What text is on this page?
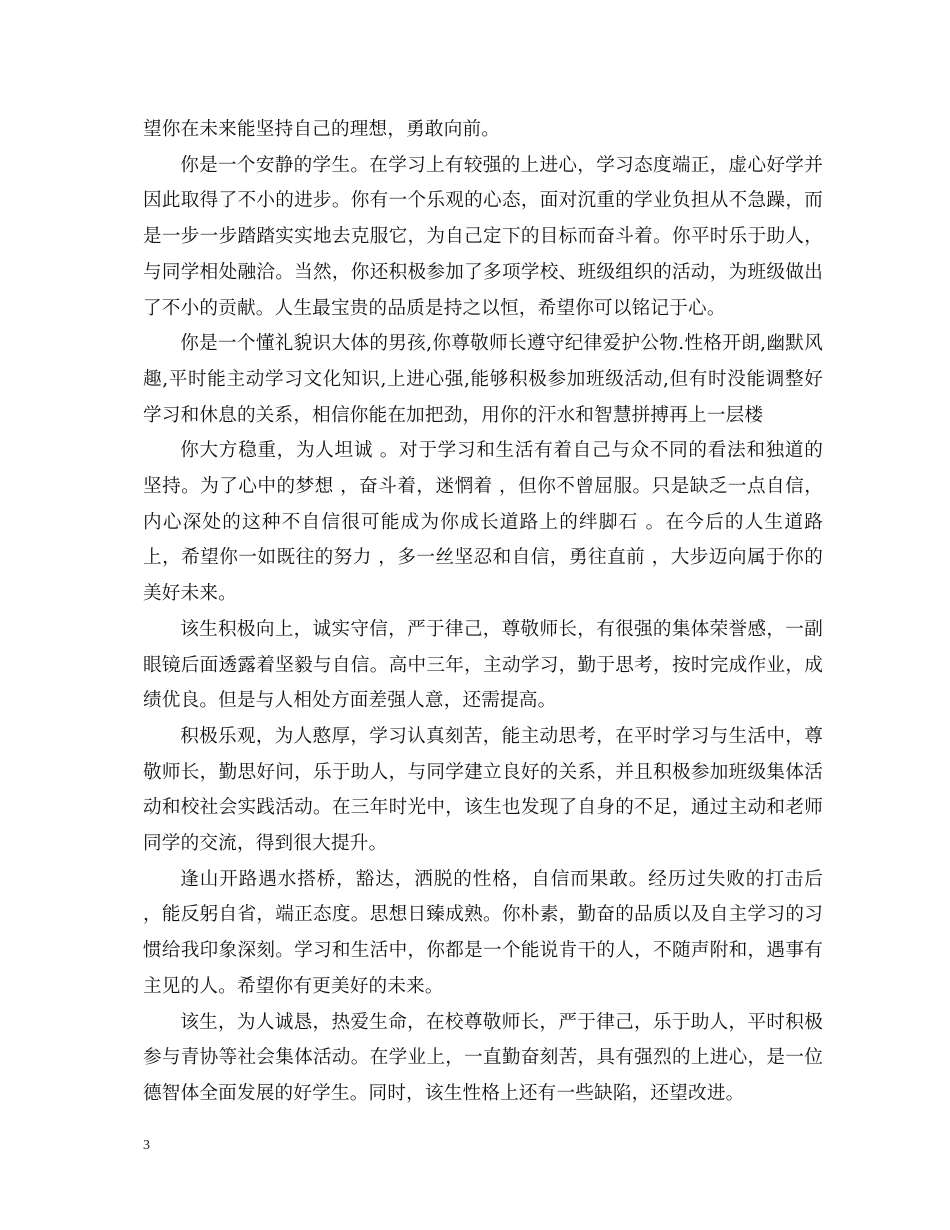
望你在未来能坚持自己的理想，勇敢向前。

你是一个安静的学生。在学习上有较强的上进心，学习态度端正，虚心好学并因此取得了不小的进步。你有一个乐观的心态，面对沉重的学业负担从不急躁，而是一步一步踏踏实实地去克服它，为自己定下的目标而奋斗着。你平时乐于助人，与同学相处融洽。当然，你还积极参加了多项学校、班级组织的活动，为班级做出了不小的贡献。人生最宝贵的品质是持之以恒，希望你可以铭记于心。

你是一个懂礼貌识大体的男孩,你尊敬师长遵守纪律爱护公物.性格开朗,幽默风趣,平时能主动学习文化知识,上进心强,能够积极参加班级活动,但有时没能调整好学习和休息的关系，相信你能在加把劲，用你的汗水和智慧拼搏再上一层楼

你大方稳重，为人坦诚 。对于学习和生活有着自己与众不同的看法和独道的坚持。为了心中的梦想 ，奋斗着，迷惘着 ，但你不曾屈服。只是缺乏一点自信，内心深处的这种不自信很可能成为你成长道路上的绊脚石 。在今后的人生道路上，希望你一如既往的努力 ，多一丝坚忍和自信，勇往直前 ，大步迈向属于你的美好未来。

该生积极向上，诚实守信，严于律己，尊敬师长，有很强的集体荣誉感，一副眼镜后面透露着坚毅与自信。高中三年，主动学习，勤于思考，按时完成作业，成绩优良。但是与人相处方面差强人意，还需提高。

积极乐观，为人憨厚，学习认真刻苦，能主动思考，在平时学习与生活中，尊敬师长，勤思好问，乐于助人，与同学建立良好的关系，并且积极参加班级集体活动和校社会实践活动。在三年时光中，该生也发现了自身的不足，通过主动和老师同学的交流，得到很大提升。

逢山开路遇水搭桥，豁达，洒脱的性格，自信而果敢。经历过失败的打击后 ，能反躬自省，端正态度。思想日臻成熟。你朴素，勤奋的品质以及自主学习的习惯给我印象深刻。学习和生活中，你都是一个能说肯干的人，不随声附和，遇事有主见的人。希望你有更美好的未来。

该生，为人诚恳，热爱生命，在校尊敬师长，严于律己，乐于助人，平时积极参与青协等社会集体活动。在学业上，一直勤奋刻苦，具有强烈的上进心，是一位德智体全面发展的好学生。同时，该生性格上还有一些缺陷，还望改进。

3
